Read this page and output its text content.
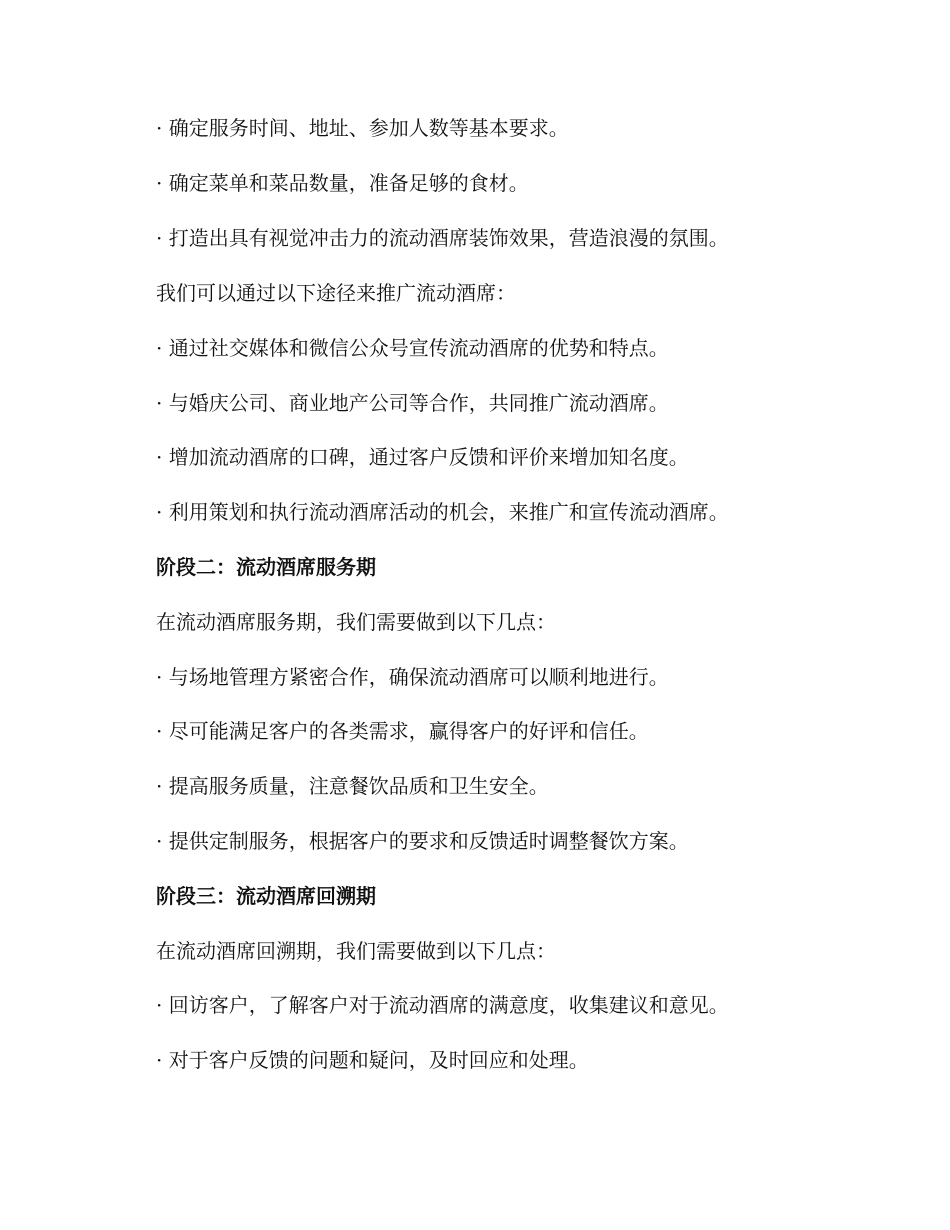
· 确定服务时间、地址、参加人数等基本要求。
· 确定菜单和菜品数量，准备足够的食材。
· 打造出具有视觉冲击力的流动酒席装饰效果，营造浪漫的氛围。
我们可以通过以下途径来推广流动酒席：
· 通过社交媒体和微信公众号宣传流动酒席的优势和特点。
· 与婚庆公司、商业地产公司等合作，共同推广流动酒席。
· 增加流动酒席的口碑，通过客户反馈和评价来增加知名度。
· 利用策划和执行流动酒席活动的机会，来推广和宣传流动酒席。
阶段二：流动酒席服务期
在流动酒席服务期，我们需要做到以下几点：
· 与场地管理方紧密合作，确保流动酒席可以顺利地进行。
· 尽可能满足客户的各类需求，赢得客户的好评和信任。
· 提高服务质量，注意餐饮品质和卫生安全。
· 提供定制服务，根据客户的要求和反馈适时调整餐饮方案。
阶段三：流动酒席回溯期
在流动酒席回溯期，我们需要做到以下几点：
· 回访客户，了解客户对于流动酒席的满意度，收集建议和意见。
· 对于客户反馈的问题和疑问，及时回应和处理。
